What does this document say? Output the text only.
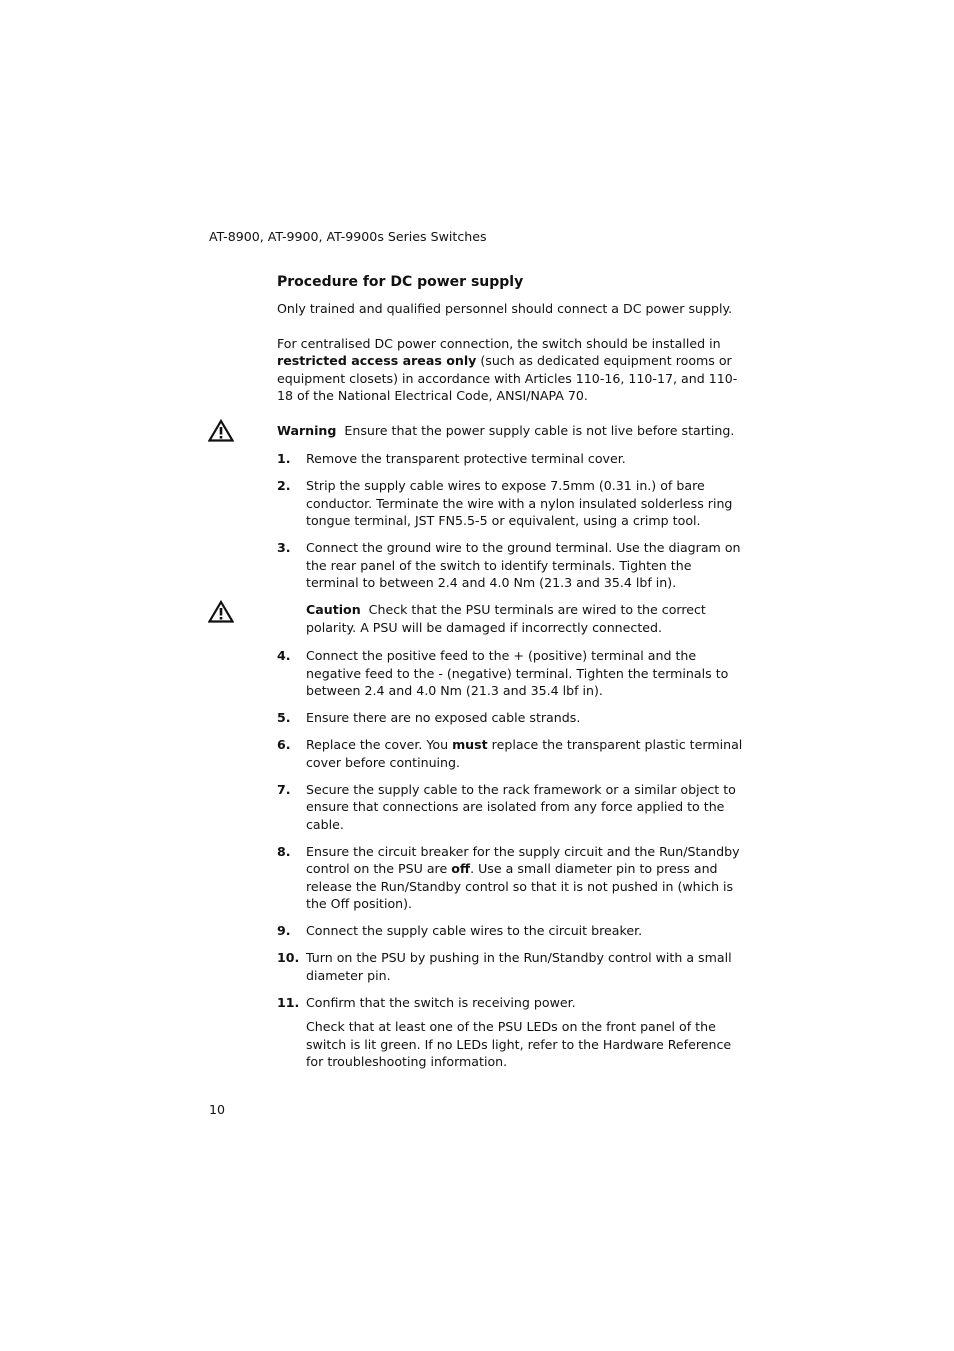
AT-8900, AT-9900, AT-9900s Series Switches
Procedure for DC power supply

Only trained and qualified personnel should connect a DC power supply.

For centralised DC power connection, the switch should be installed in restricted access areas only (such as dedicated equipment rooms or equipment closets) in accordance with Articles 110-16, 110-17, and 110-18 of the National Electrical Code, ANSI/NAPA 70.

Warning Ensure that the power supply cable is not live before starting.
1. Remove the transparent protective terminal cover.
2. Strip the supply cable wires to expose 7.5mm (0.31 in.) of bare conductor. Terminate the wire with a nylon insulated solderless ring tongue terminal, JST FN5.5-5 or equivalent, using a crimp tool.
3. Connect the ground wire to the ground terminal. Use the diagram on the rear panel of the switch to identify terminals. Tighten the terminal to between 2.4 and 4.0 Nm (21.3 and 35.4 lbf in).
Caution Check that the PSU terminals are wired to the correct polarity. A PSU will be damaged if incorrectly connected.
4. Connect the positive feed to the + (positive) terminal and the negative feed to the - (negative) terminal. Tighten the terminals to between 2.4 and 4.0 Nm (21.3 and 35.4 lbf in).
5. Ensure there are no exposed cable strands.
6. Replace the cover. You must replace the transparent plastic terminal cover before continuing.
7. Secure the supply cable to the rack framework or a similar object to ensure that connections are isolated from any force applied to the cable.
8. Ensure the circuit breaker for the supply circuit and the Run/Standby control on the PSU are off. Use a small diameter pin to press and release the Run/Standby control so that it is not pushed in (which is the Off position).
9. Connect the supply cable wires to the circuit breaker.
10. Turn on the PSU by pushing in the Run/Standby control with a small diameter pin.
11. Confirm that the switch is receiving power.
Check that at least one of the PSU LEDs on the front panel of the switch is lit green. If no LEDs light, refer to the Hardware Reference for troubleshooting information.
10
